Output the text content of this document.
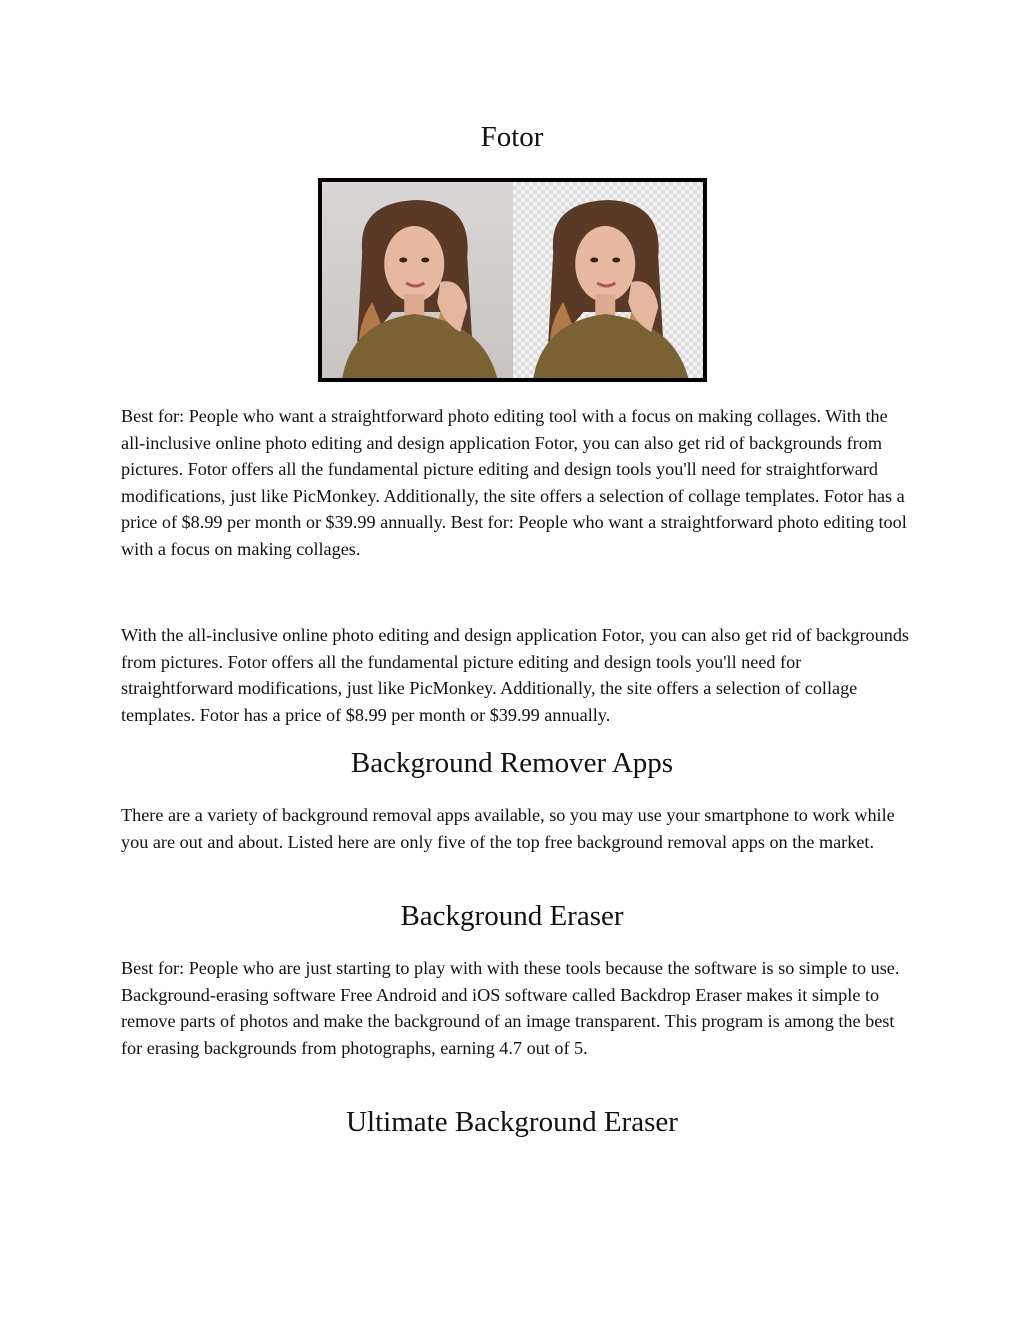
Fotor

Best for: People who want a straightforward photo editing tool with a focus on making collages. With the all-inclusive online photo editing and design application Fotor, you can also get rid of backgrounds from pictures. Fotor offers all the fundamental picture editing and design tools you'll need for straightforward modifications, just like PicMonkey. Additionally, the site offers a selection of collage templates. Fotor has a price of $8.99 per month or $39.99 annually. Best for: People who want a straightforward photo editing tool with a focus on making collages.

With the all-inclusive online photo editing and design application Fotor, you can also get rid of backgrounds from pictures. Fotor offers all the fundamental picture editing and design tools you'll need for straightforward modifications, just like PicMonkey. Additionally, the site offers a selection of collage templates. Fotor has a price of $8.99 per month or $39.99 annually.

Background Remover Apps

There are a variety of background removal apps available, so you may use your smartphone to work while you are out and about. Listed here are only five of the top free background removal apps on the market.

Background Eraser

Best for: People who are just starting to play with with these tools because the software is so simple to use. Background-erasing software Free Android and iOS software called Backdrop Eraser makes it simple to remove parts of photos and make the background of an image transparent. This program is among the best for erasing backgrounds from photographs, earning 4.7 out of 5.

Ultimate Background Eraser
